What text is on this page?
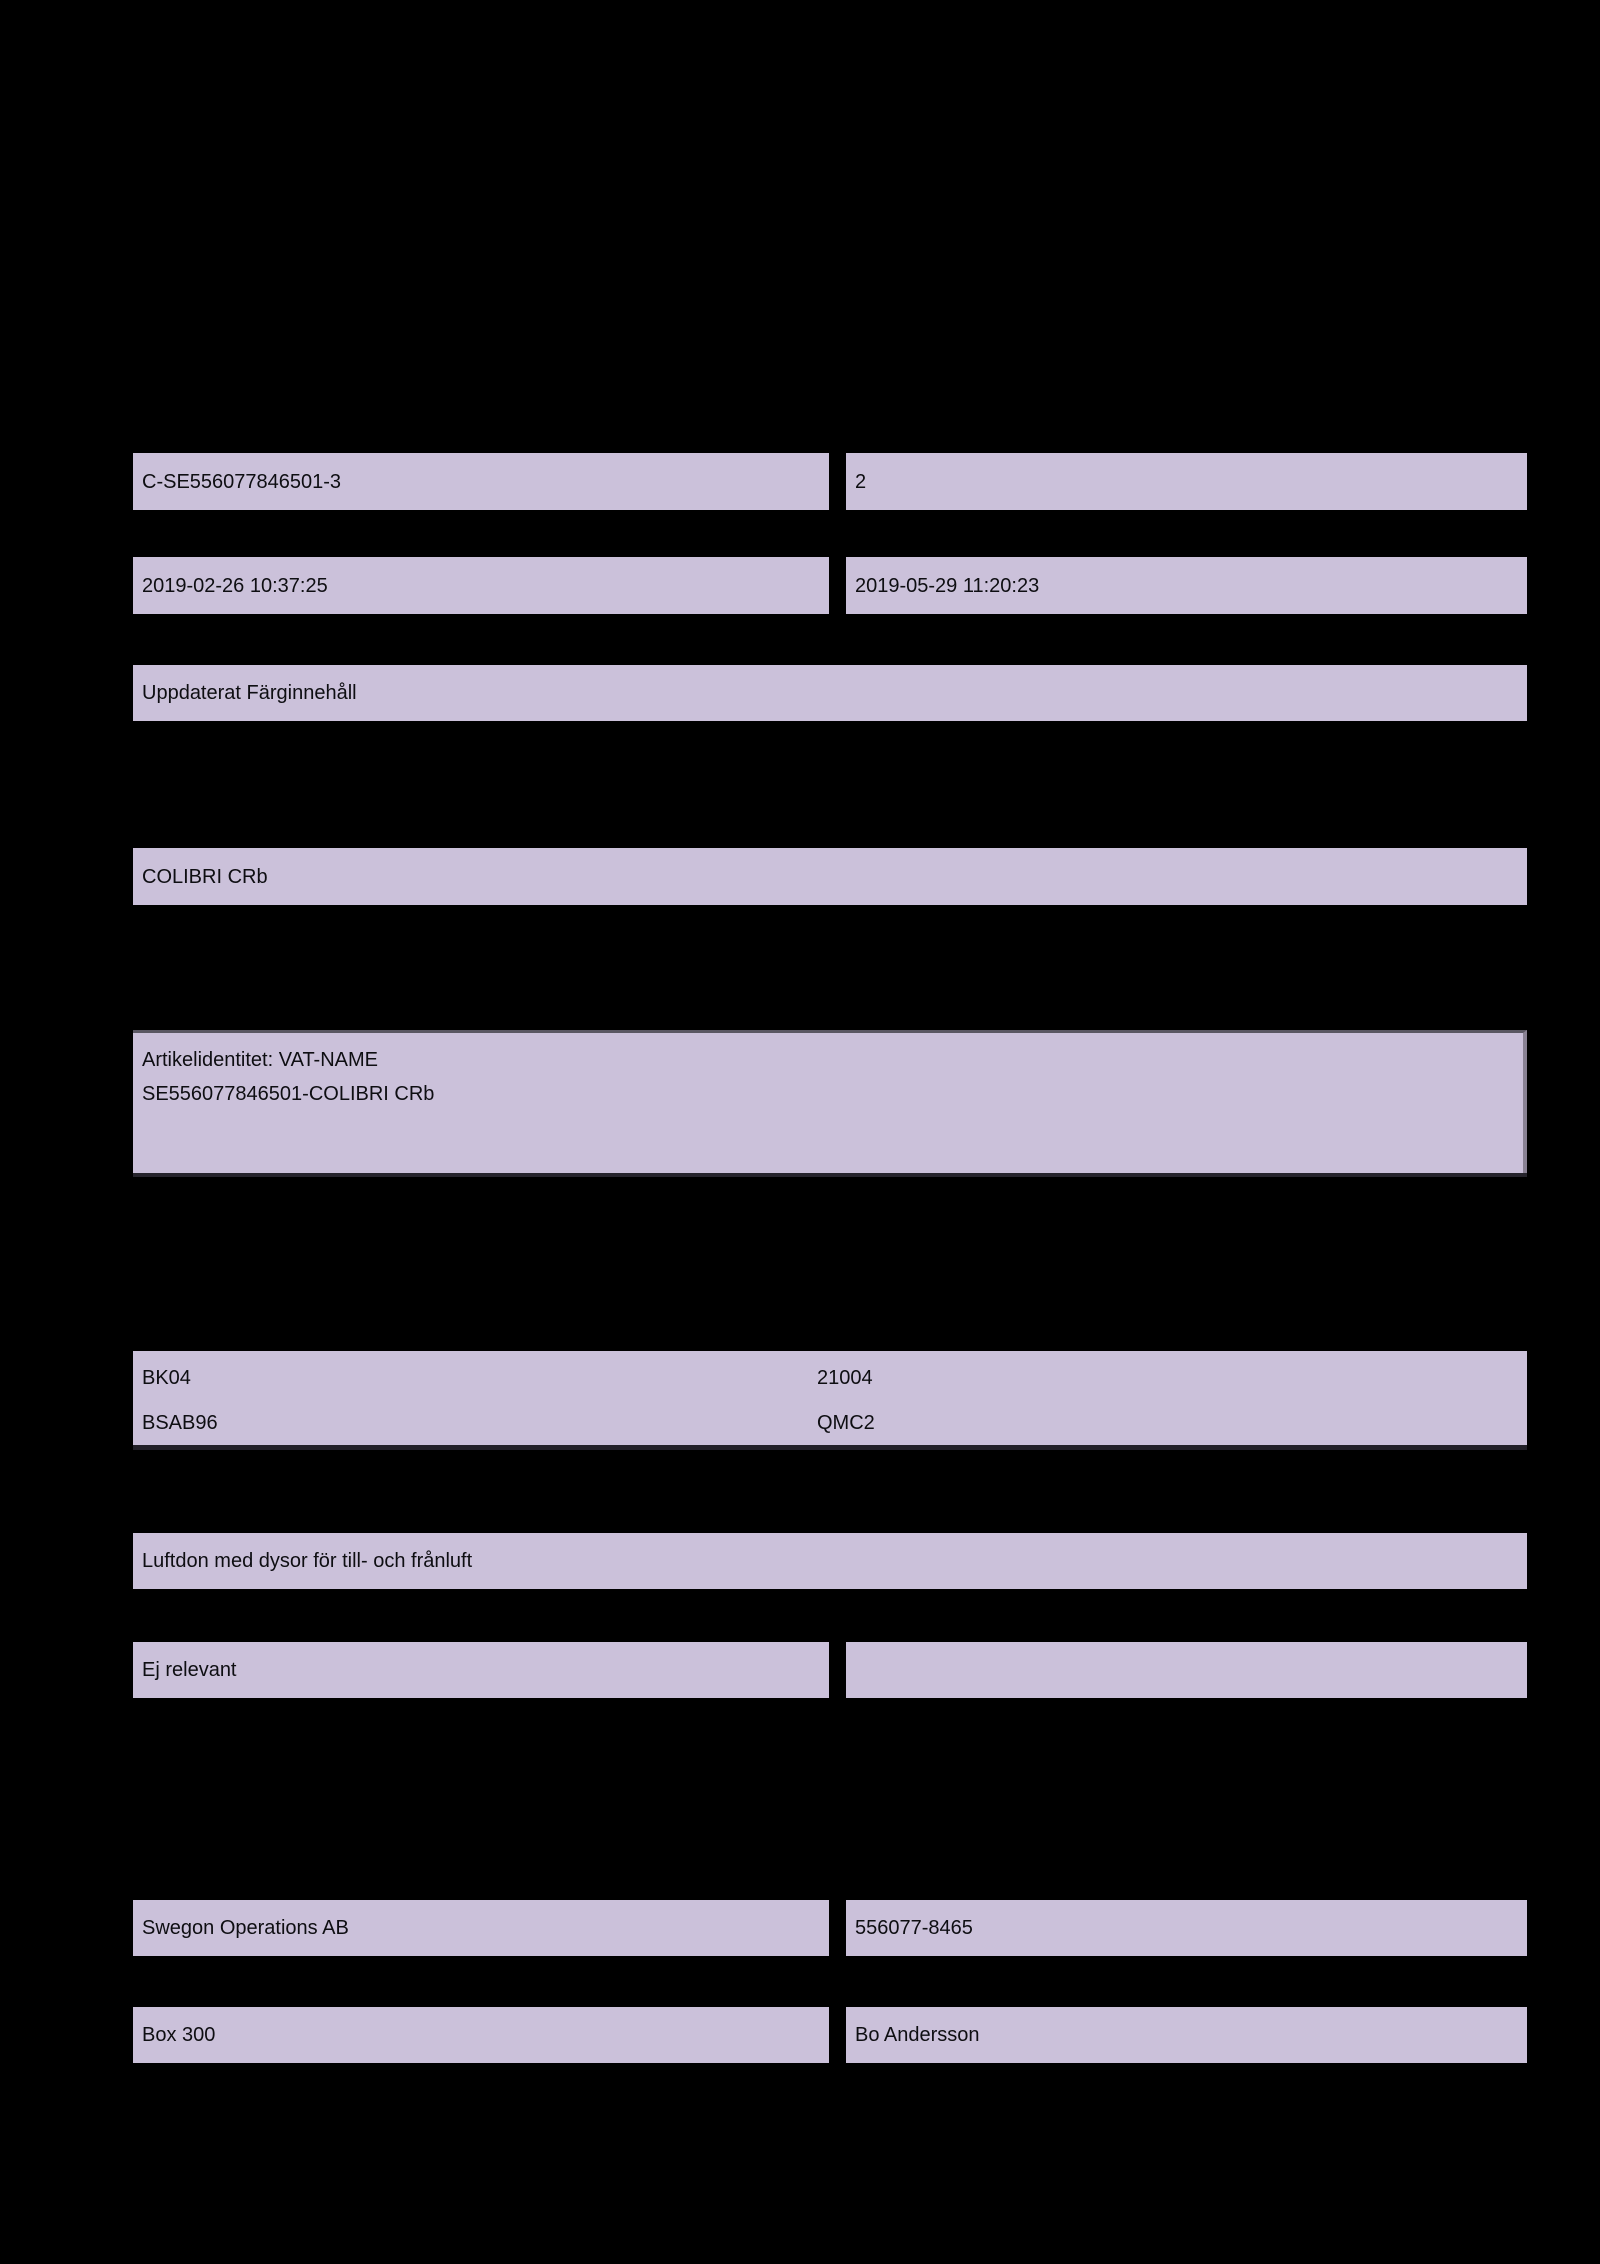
C-SE556077846501-3	2
2019-02-26 10:37:25	2019-05-29 11:20:23
Uppdaterat Färginnehåll
COLIBRI CRb
Artikelidentitet: VAT-NAME
SE556077846501-COLIBRI CRb
BK04	21004
BSAB96	QMC2
Luftdon med dysor för till- och frånluft
Ej relevant
Swegon Operations AB	556077-8465
Box 300	Bo Andersson
